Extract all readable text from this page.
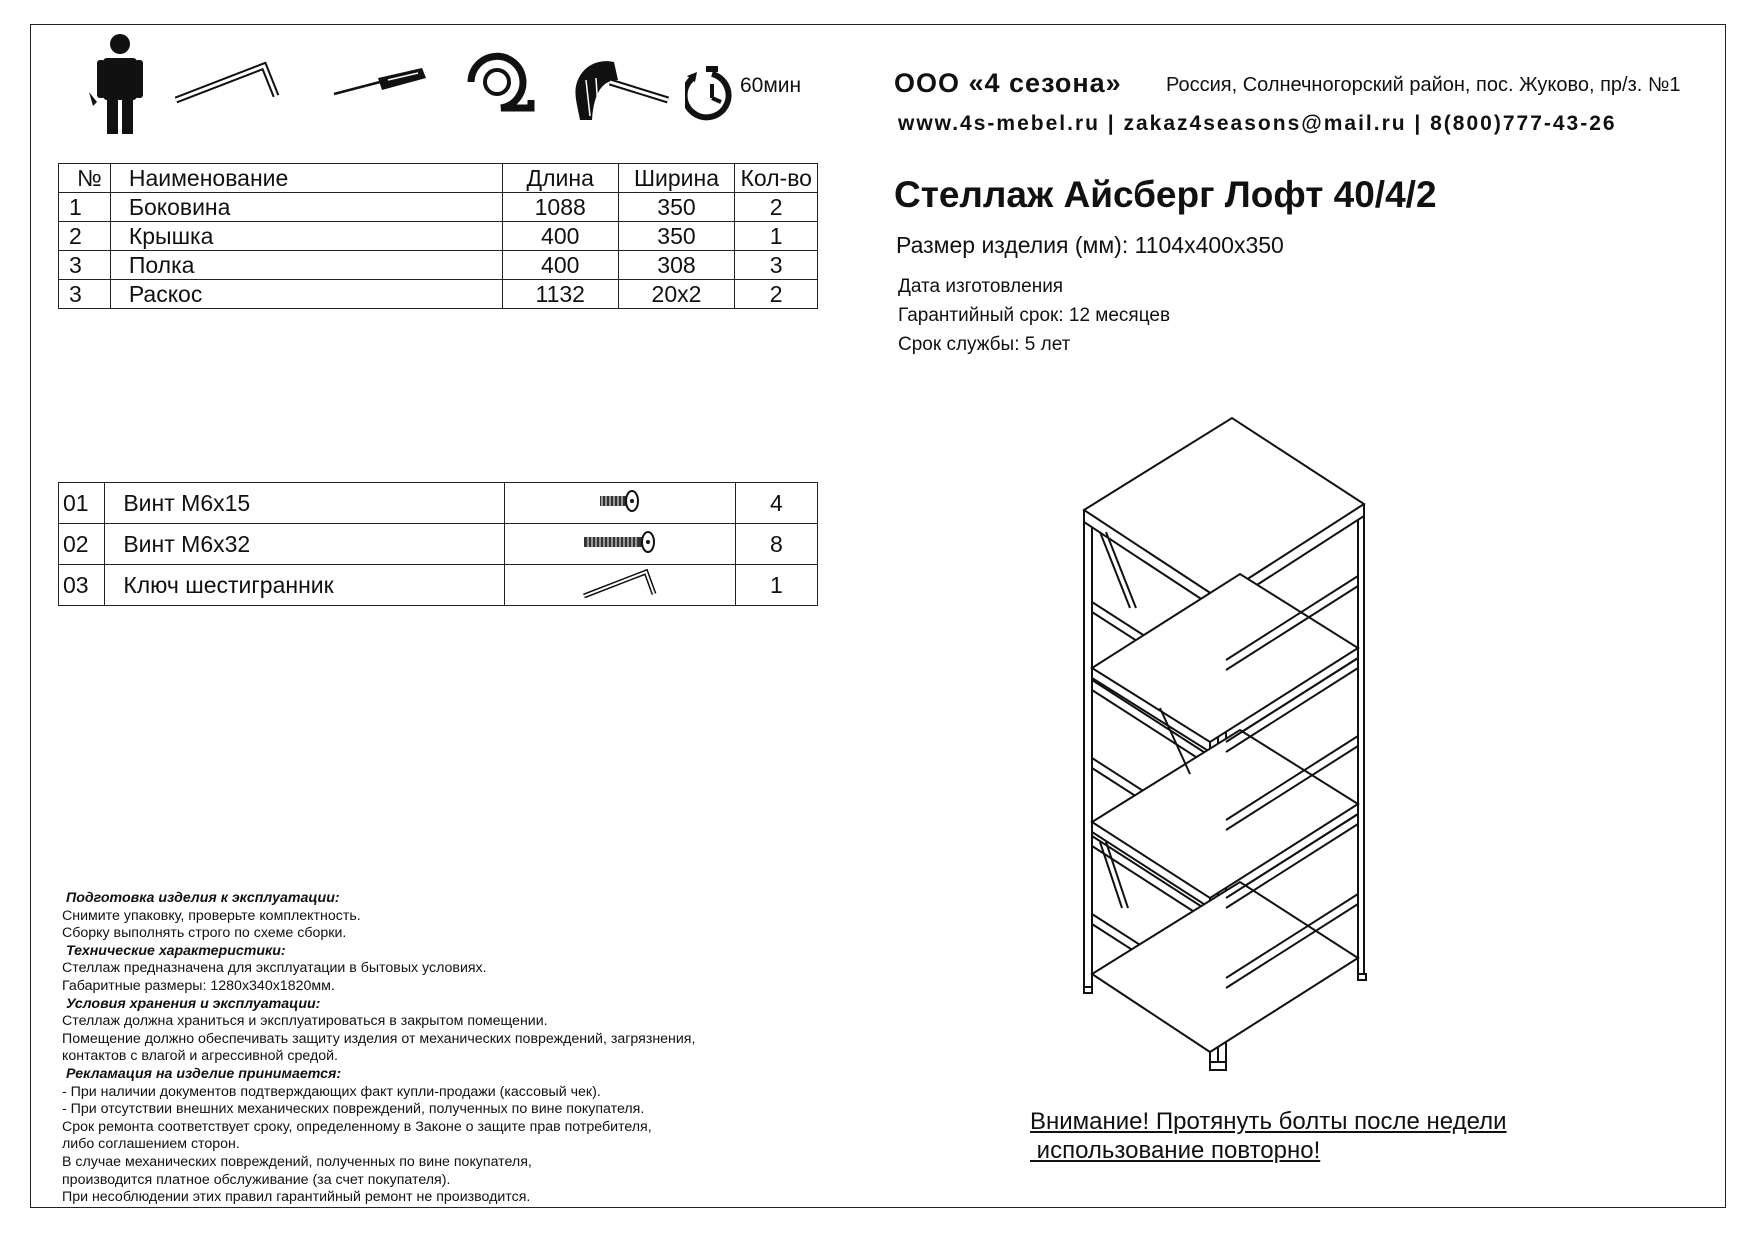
60мин	ООО «4 сезона» Россия, Солнечногорский район, пос. Жуково, пр/з. №1
www.4s-mebel.ru | zakaz4seasons@mail.ru | 8(800)777-43-26
Стеллаж Айсберг Лофт 40/4/2
Размер изделия (мм): 1104х400х350
Дата изготовления
Гарантийный срок: 12 месяцев
Срок службы: 5 лет
№	Наименование	Длина	Ширина	Кол-во
1	Боковина	1088	350	2
2	Крышка	400	350	1
3	Полка	400	308	3
3	Раскос	1132	20х2	2
01	Винт М6х15		4
02	Винт М6х32		8
03	Ключ шестигранник		1
Подготовка изделия к эксплуатации:
Снимите упаковку, проверьте комплектность.
Сборку выполнять строго по схеме сборки.
Технические характеристики:
Стеллаж предназначена для эксплуатации в бытовых условиях.
Габаритные размеры: 1280х340х1820мм.
Условия хранения и эксплуатации:
Стеллаж должна храниться и эксплуатироваться в закрытом помещении.
Помещение должно обеспечивать защиту изделия от механических повреждений, загрязнения,
контактов с влагой и агрессивной средой.
Рекламация на изделие принимается:
- При наличии документов подтверждающих факт купли-продажи (кассовый чек).
- При отсутствии внешних механических повреждений, полученных по вине покупателя.
Срок ремонта соответствует сроку, определенному в Законе о защите прав потребителя,
либо соглашением сторон.
В случае механических повреждений, полученных по вине покупателя,
производится платное обслуживание (за счет покупателя).
При несоблюдении этих правил гарантийный ремонт не производится.
Внимание! Протянуть болты после недели
использование повторно!
